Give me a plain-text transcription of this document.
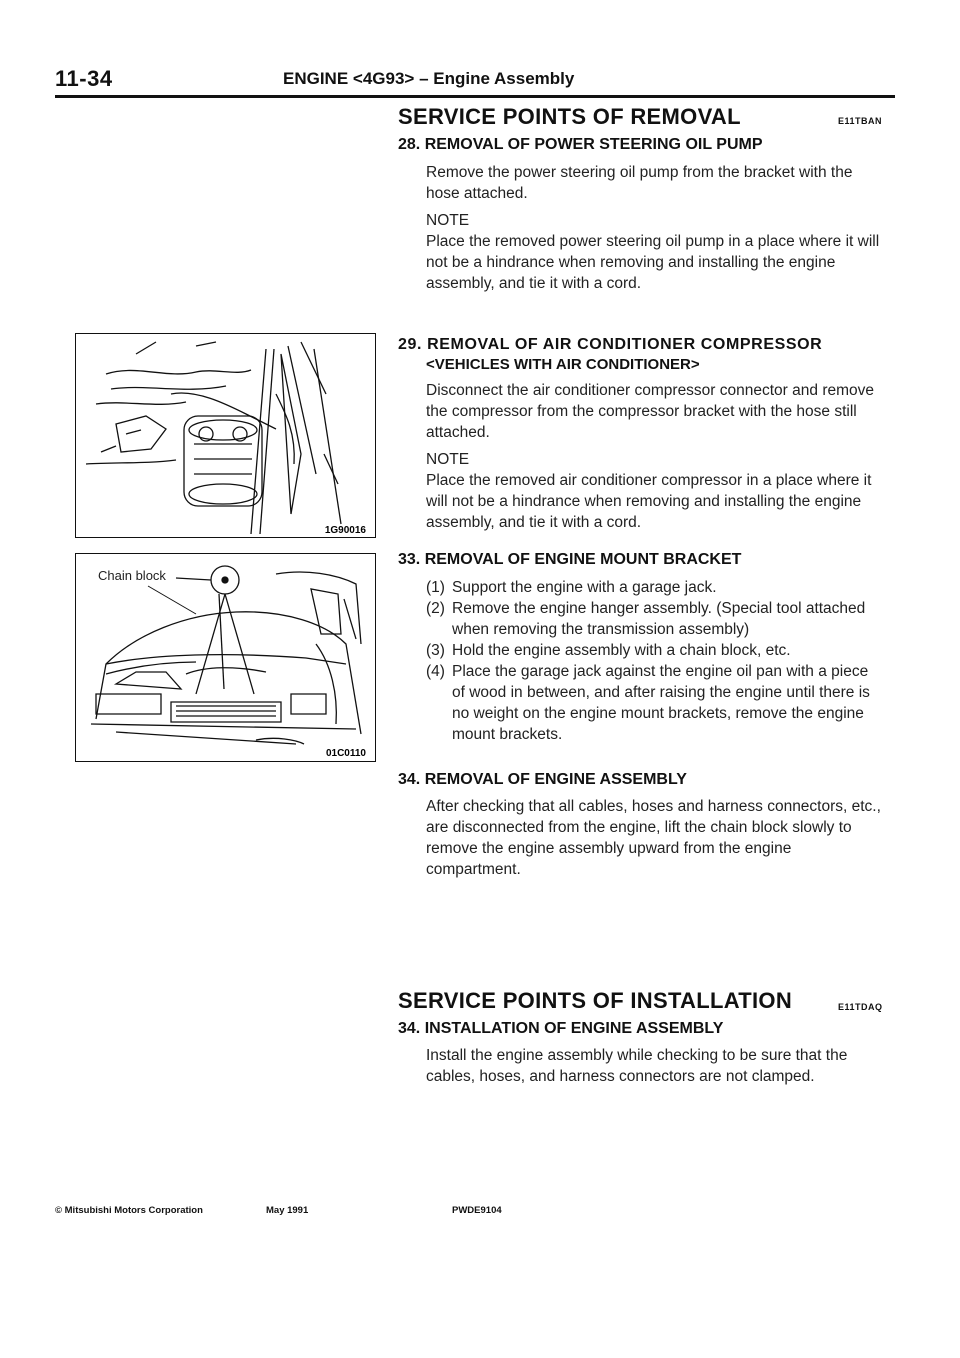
11-34	ENGINE <4G93> – Engine Assembly
SERVICE POINTS OF REMOVAL	E11TBAN
28. REMOVAL OF POWER STEERING OIL PUMP

Remove the power steering oil pump from the bracket with the hose attached.

NOTE

Place the removed power steering oil pump in a place where it will not be a hindrance when removing and installing the engine assembly, and tie it with a cord.

1G90016
29. REMOVAL OF AIR CONDITIONER COMPRESSOR
<VEHICLES WITH AIR CONDITIONER>

Disconnect the air conditioner compressor connector and remove the compressor from the compressor bracket with the hose still attached.

NOTE

Place the removed air conditioner compressor in a place where it will not be a hindrance when removing and installing the engine assembly, and tie it with a cord.

Chain block
01C0110
33. REMOVAL OF ENGINE MOUNT BRACKET
(1) Support the engine with a garage jack.
(2) Remove the engine hanger assembly. (Special tool attached when removing the transmission assembly)
(3) Hold the engine assembly with a chain block, etc.
(4) Place the garage jack against the engine oil pan with a piece of wood in between, and after raising the engine until there is no weight on the engine mount brackets, remove the engine mount brackets.
34. REMOVAL OF ENGINE ASSEMBLY

After checking that all cables, hoses and harness connectors, etc., are disconnected from the engine, lift the chain block slowly to remove the engine assembly upward from the engine compartment.

SERVICE POINTS OF INSTALLATION	E11TDAQ
34. INSTALLATION OF ENGINE ASSEMBLY

Install the engine assembly while checking to be sure that the cables, hoses, and harness connectors are not clamped.

© Mitsubishi Motors Corporation	May 1991	PWDE9104
